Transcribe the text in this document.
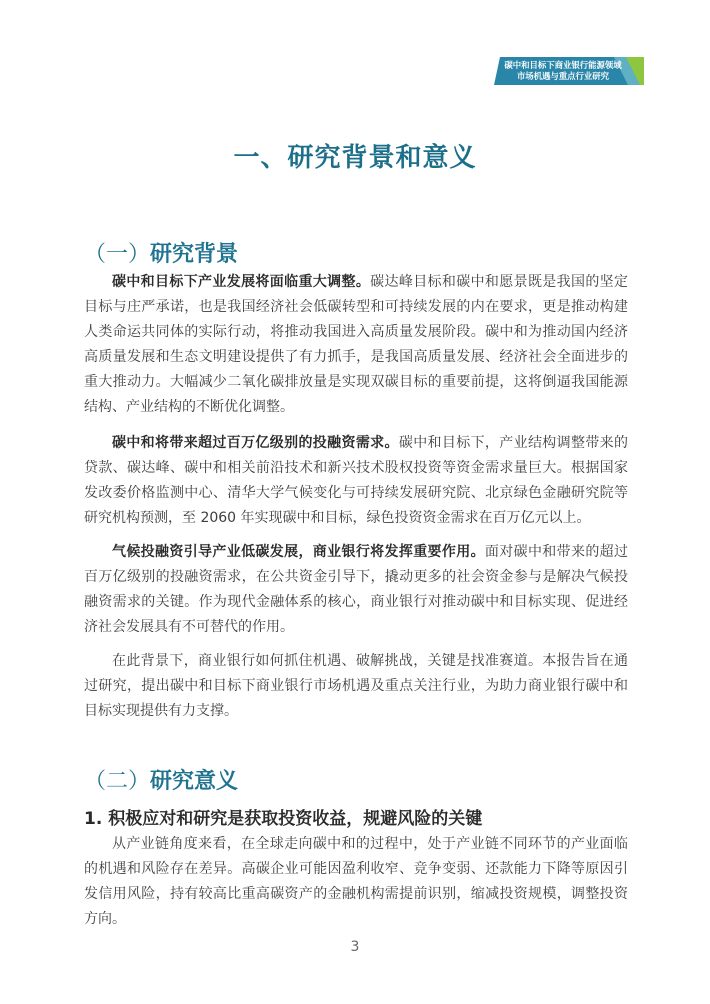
碳中和目标下商业银行能源领域
市场机遇与重点行业研究
一、研究背景和意义
（一）研究背景

碳中和目标下产业发展将面临重大调整。碳达峰目标和碳中和愿景既是我国的坚定目标与庄严承诺，也是我国经济社会低碳转型和可持续发展的内在要求，更是推动构建人类命运共同体的实际行动，将推动我国进入高质量发展阶段。碳中和为推动国内经济高质量发展和生态文明建设提供了有力抓手，是我国高质量发展、经济社会全面进步的重大推动力。大幅减少二氧化碳排放量是实现双碳目标的重要前提，这将倒逼我国能源结构、产业结构的不断优化调整。

碳中和将带来超过百万亿级别的投融资需求。碳中和目标下，产业结构调整带来的贷款、碳达峰、碳中和相关前沿技术和新兴技术股权投资等资金需求量巨大。根据国家发改委价格监测中心、清华大学气候变化与可持续发展研究院、北京绿色金融研究院等研究机构预测，至 2060 年实现碳中和目标，绿色投资资金需求在百万亿元以上。

气候投融资引导产业低碳发展，商业银行将发挥重要作用。面对碳中和带来的超过百万亿级别的投融资需求，在公共资金引导下，撬动更多的社会资金参与是解决气候投融资需求的关键。作为现代金融体系的核心，商业银行对推动碳中和目标实现、促进经济社会发展具有不可替代的作用。

在此背景下，商业银行如何抓住机遇、破解挑战，关键是找准赛道。本报告旨在通过研究，提出碳中和目标下商业银行市场机遇及重点关注行业，为助力商业银行碳中和目标实现提供有力支撑。

（二）研究意义
1. 积极应对和研究是获取投资收益，规避风险的关键

从产业链角度来看，在全球走向碳中和的过程中，处于产业链不同环节的产业面临的机遇和风险存在差异。高碳企业可能因盈利收窄、竞争变弱、还款能力下降等原因引发信用风险，持有较高比重高碳资产的金融机构需提前识别，缩减投资规模，调整投资方向。

3
